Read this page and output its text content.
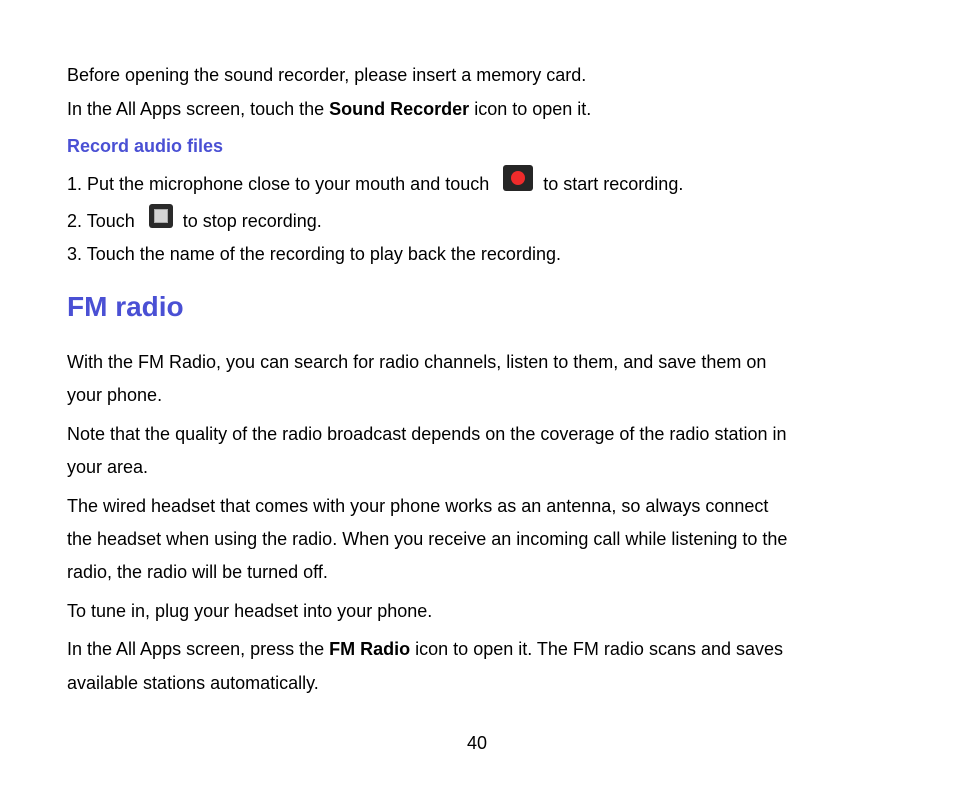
Before opening the sound recorder, please insert a memory card.
In the All Apps screen, touch the Sound Recorder icon to open it.
Record audio files
1. Put the microphone close to your mouth and touch	to start recording.
2. Touch	to stop recording.
3. Touch the name of the recording to play back the recording.
FM radio
With the FM Radio, you can search for radio channels, listen to them, and save them on
your phone.
Note that the quality of the radio broadcast depends on the coverage of the radio station in
your area.
The wired headset that comes with your phone works as an antenna, so always connect
the headset when using the radio. When you receive an incoming call while listening to the
radio, the radio will be turned off.
To tune in, plug your headset into your phone.
In the All Apps screen, press the FM Radio icon to open it. The FM radio scans and saves
available stations automatically.
40
